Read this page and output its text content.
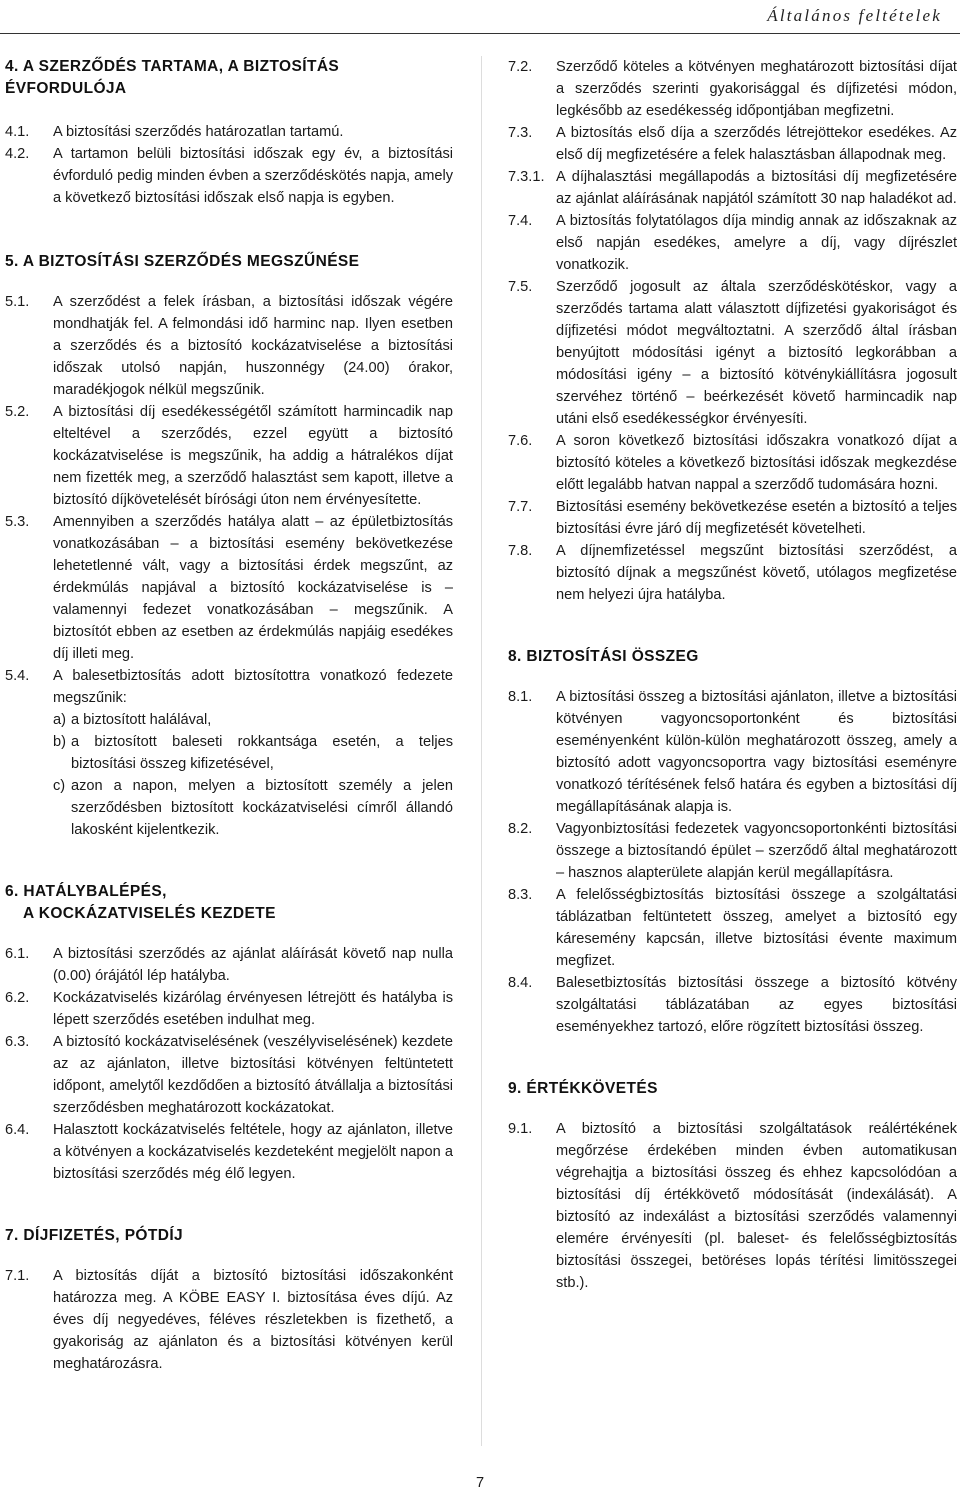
Általános feltételek
4. A SZERZŐDÉS TARTAMA, A BIZTOSÍTÁS ÉVFORDULÓJA
4.1.	A biztosítási szerződés határozatlan tartamú.
4.2.	A tartamon belüli biztosítási időszak egy év, a biztosítási évforduló pedig minden évben a szerződéskötés napja, amely a következő biztosítási időszak első napja is egyben.
5. A BIZTOSÍTÁSI SZERZŐDÉS MEGSZŰNÉSE
5.1.	A szerződést a felek írásban, a biztosítási időszak végére mondhatják fel. A felmondási idő harminc nap. Ilyen esetben a szerződés és a biztosító kockázatviselése a biztosítási időszak utolsó napján, huszonnégy (24.00) órakor, maradékjogok nélkül megszűnik.
5.2.	A biztosítási díj esedékességétől számított harmincadik nap elteltével a szerződés, ezzel együtt a biztosító kockázatviselése is megszűnik, ha addig a hátralékos díjat nem fizették meg, a szerződő halasztást sem kapott, illetve a biztosító díjkövetelését bírósági úton nem érvényesítette.
5.3.	Amennyiben a szerződés hatálya alatt – az épületbiztosítás vonatkozásában – a biztosítási esemény bekövetkezése lehetetlenné vált, vagy a biztosítási érdek megszűnt, az érdekmúlás napjával a biztosító kockázatviselése is – valamennyi fedezet vonatkozásában – megszűnik. A biztosítót ebben az esetben az érdekmúlás napjáig esedékes díj illeti meg.
5.4.	A balesetbiztosítás adott biztosítottra vonatkozó fedezete megszűnik:
a) a biztosított halálával,
b) a biztosított baleseti rokkantsága esetén, a teljes biztosítási összeg kifizetésével,
c) azon a napon, melyen a biztosított személy a jelen szerződésben biztosított kockázatviselési címről állandó lakosként kijelentkezik.
6. HATÁLYBALÉPÉS,
A KOCKÁZATVISELÉS KEZDETE
6.1.	A biztosítási szerződés az ajánlat aláírását követő nap nulla (0.00) órájától lép hatályba.
6.2.	Kockázatviselés kizárólag érvényesen létrejött és hatályba is lépett szerződés esetében indulhat meg.
6.3.	A biztosító kockázatviselésének (veszélyviselésének) kezdete az az ajánlaton, illetve biztosítási kötvényen feltüntetett időpont, amelytől kezdődően a biztosító átvállalja a biztosítási szerződésben meghatározott kockázatokat.
6.4.	Halasztott kockázatviselés feltétele, hogy az ajánlaton, illetve a kötvényen a kockázatviselés kezdeteként megjelölt napon a biztosítási szerződés még élő legyen.
7. DÍJFIZETÉS, PÓTDÍJ
7.1.	A biztosítás díját a biztosító biztosítási időszakonként határozza meg. A KÖBE EASY I. biztosítása éves díjú. Az éves díj negyedéves, féléves részletekben is fizethető, a gyakoriság az ajánlaton és a biztosítási kötvényen kerül meghatározásra.
7.2.	Szerződő köteles a kötvényen meghatározott biztosítási díjat a szerződés szerinti gyakorisággal és díjfizetési módon, legkésőbb az esedékesség időpontjában megfizetni.
7.3.	A biztosítás első díja a szerződés létrejöttekor esedékes. Az első díj megfizetésére a felek halasztásban állapodnak meg.
7.3.1. A díjhalasztási megállapodás a biztosítási díj megfizetésére az ajánlat aláírásának napjától számított 30 nap haladékot ad.
7.4.	A biztosítás folytatólagos díja mindig annak az időszaknak az első napján esedékes, amelyre a díj, vagy díjrészlet vonatkozik.
7.5.	Szerződő jogosult az általa szerződéskötéskor, vagy a szerződés tartama alatt választott díjfizetési gyakoriságot és díjfizetési módot megváltoztatni. A szerződő által írásban benyújtott módosítási igényt a biztosító legkorábban a módosítási igény – a biztosító kötvénykiállításra jogosult szervéhez történő – beérkezését követő harmincadik nap utáni első esedékességkor érvényesíti.
7.6.	A soron következő biztosítási időszakra vonatkozó díjat a biztosító köteles a következő biztosítási időszak megkezdése előtt legalább hatvan nappal a szerződő tudomására hozni.
7.7.	Biztosítási esemény bekövetkezése esetén a biztosító a teljes biztosítási évre járó díj megfizetését követelheti.
7.8.	A díjnemfizetéssel megszűnt biztosítási szerződést, a biztosító díjnak a megszűnést követő, utólagos megfizetése nem helyezi újra hatályba.
8. BIZTOSÍTÁSI ÖSSZEG
8.1.	A biztosítási összeg a biztosítási ajánlaton, illetve a biztosítási kötvényen vagyoncsoportonként és biztosítási eseményenként külön-külön meghatározott összeg, amely a biztosító adott vagyoncsoportra vagy biztosítási eseményre vonatkozó térítésének felső határa és egyben a biztosítási díj megállapításának alapja is.
8.2.	Vagyonbiztosítási fedezetek vagyoncsoportonkénti biztosítási összege a biztosítandó épület – szerződő által meghatározott – hasznos alapterülete alapján kerül megállapításra.
8.3.	A felelősségbiztosítás biztosítási összege a szolgáltatási táblázatban feltüntetett összeg, amelyet a biztosító egy káresemény kapcsán, illetve biztosítási évente maximum megfizet.
8.4.	Balesetbiztosítás biztosítási összege a biztosító kötvény szolgáltatási táblázatában az egyes biztosítási eseményekhez tartozó, előre rögzített biztosítási összeg.
9. ÉRTÉKKÖVETÉS
9.1.	A biztosító a biztosítási szolgáltatások reálértékének megőrzése érdekében minden évben automatikusan végrehajtja a biztosítási összeg és ehhez kapcsolódóan a biztosítási díj értékkövető módosítását (indexálását). A biztosító az indexálást a biztosítási szerződés valamennyi elemére érvényesíti (pl. baleset- és felelősségbiztosítás biztosítási összegei, betöréses lopás térítési limitösszegei stb.).
7
